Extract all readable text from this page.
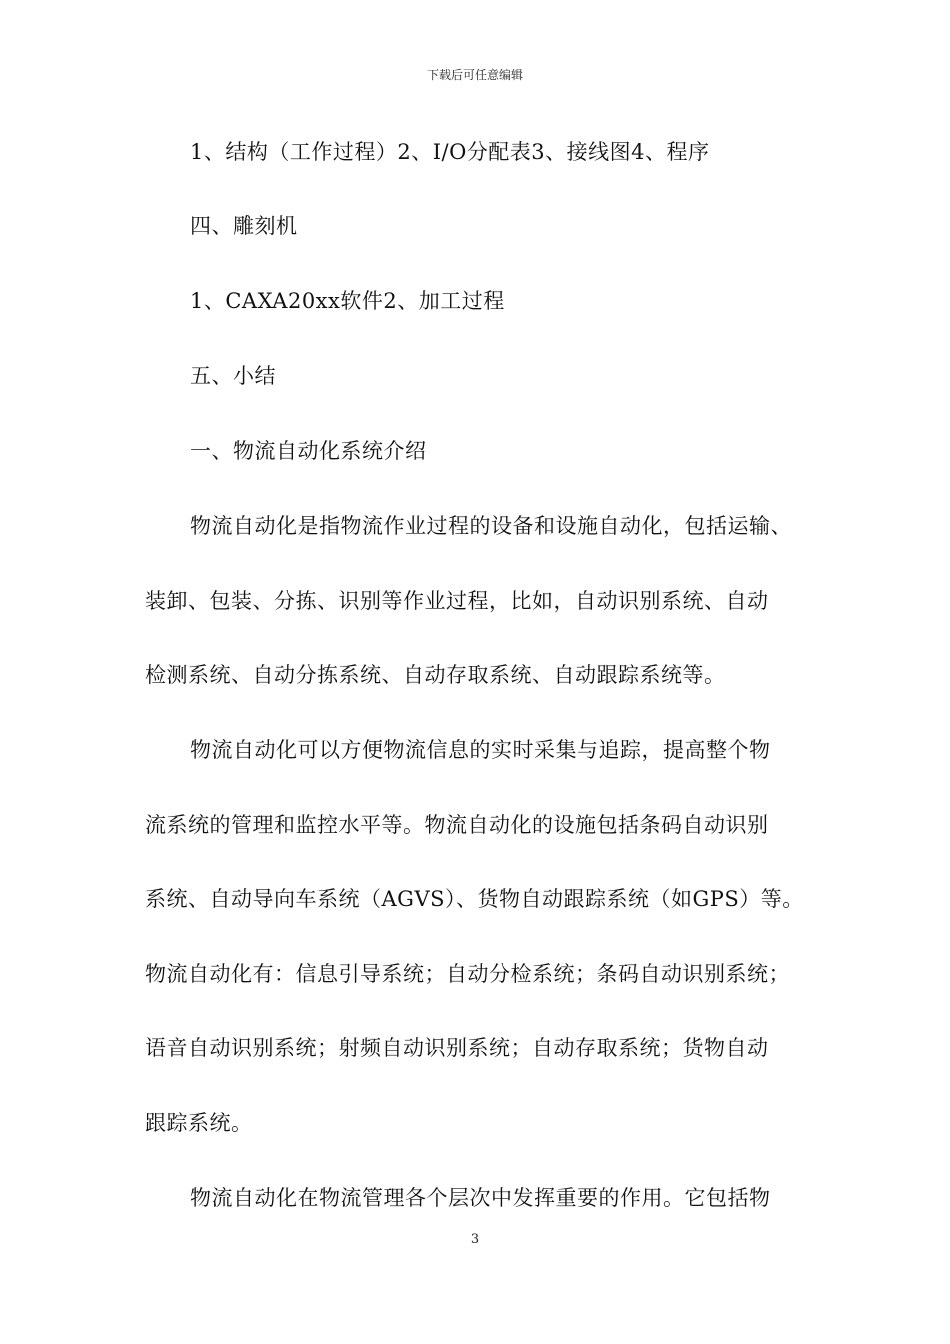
下载后可任意编辑
1、结构（工作过程）2、I/O分配表3、接线图4、程序
四、雕刻机
1、CAXA20xx软件2、加工过程
五、小结
一、物流自动化系统介绍
物流自动化是指物流作业过程的设备和设施自动化，包括运输、
装卸、包装、分拣、识别等作业过程，比如，自动识别系统、自动
检测系统、自动分拣系统、自动存取系统、自动跟踪系统等。
物流自动化可以方便物流信息的实时采集与追踪，提高整个物
流系统的管理和监控水平等。物流自动化的设施包括条码自动识别
系统、自动导向车系统（AGVS）、货物自动跟踪系统（如GPS）等。
物流自动化有：信息引导系统；自动分检系统；条码自动识别系统；
语音自动识别系统；射频自动识别系统；自动存取系统；货物自动
跟踪系统。
物流自动化在物流管理各个层次中发挥重要的作用。它包括物
3
